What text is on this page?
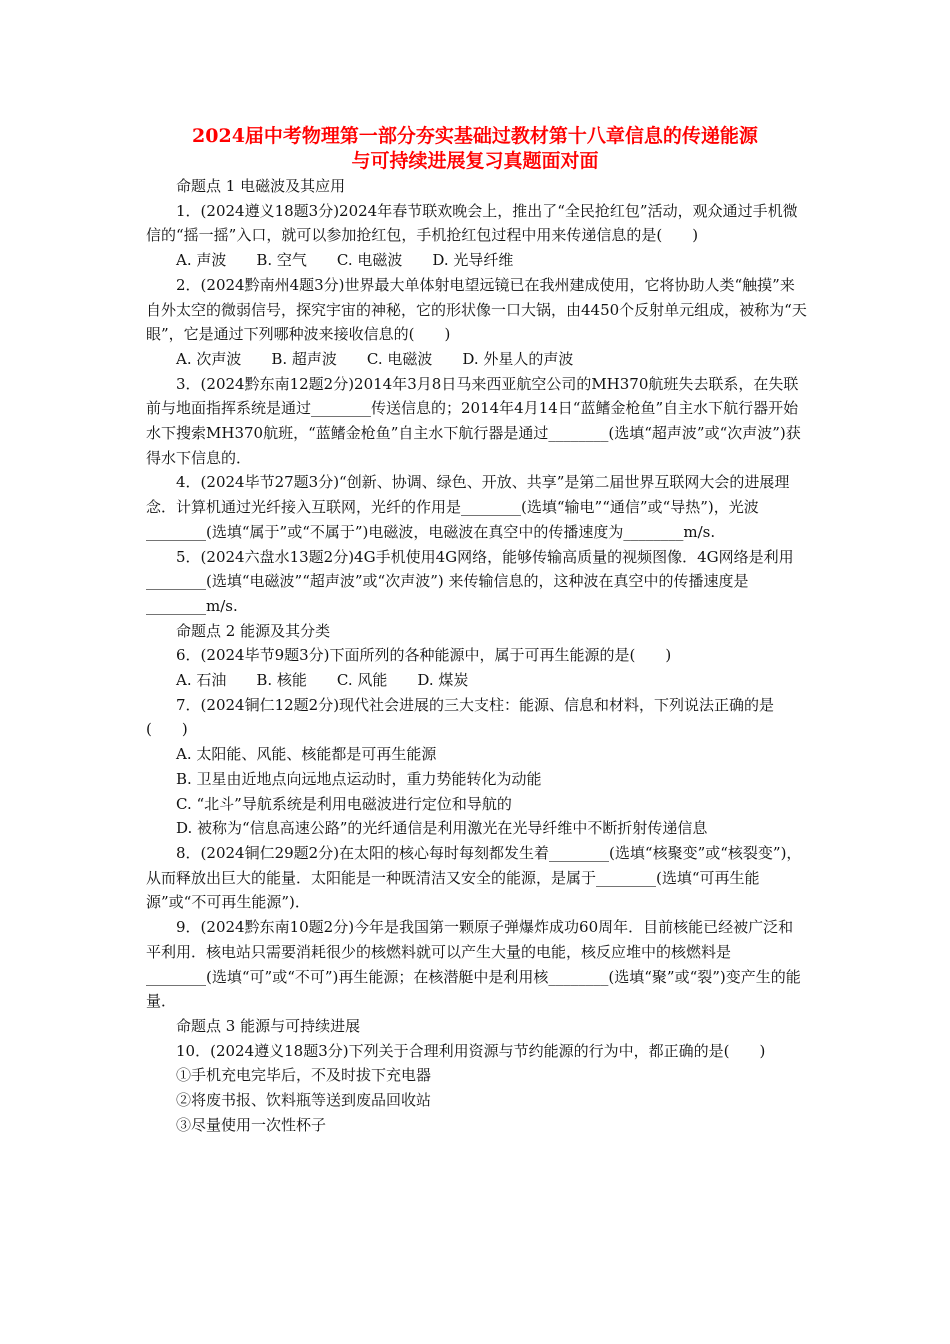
2024届中考物理第一部分夯实基础过教材第十八章信息的传递能源
与可持续进展复习真题面对面

命题点 1 电磁波及其应用

1．(2024遵义18题3分)2024年春节联欢晚会上，推出了“全民抢红包”活动，观众通过手机微信的“摇一摇”入口，就可以参加抢红包，手机抢红包过程中用来传递信息的是(　　)

A. 声波　　B. 空气　　C. 电磁波　　D. 光导纤维

2．(2024黔南州4题3分)世界最大单体射电望远镜已在我州建成使用，它将协助人类“触摸”来自外太空的微弱信号，探究宇宙的神秘，它的形状像一口大锅，由4450个反射单元组成，被称为“天眼”，它是通过下列哪种波来接收信息的(　　)

A. 次声波　　B. 超声波　　C. 电磁波　　D. 外星人的声波

3．(2024黔东南12题2分)2014年3月8日马来西亚航空公司的MH370航班失去联系，在失联前与地面指挥系统是通过________传送信息的；2014年4月14日“蓝鳍金枪鱼”自主水下航行器开始水下搜索MH370航班，“蓝鳍金枪鱼”自主水下航行器是通过________(选填“超声波”或“次声波”)获得水下信息的．

4．(2024毕节27题3分)“创新、协调、绿色、开放、共享”是第二届世界互联网大会的进展理念．计算机通过光纤接入互联网，光纤的作用是________(选填“输电”“通信”或“导热”)，光波________(选填“属于”或“不属于”)电磁波，电磁波在真空中的传播速度为________m/s.

5．(2024六盘水13题2分)4G手机使用4G网络，能够传输高质量的视频图像．4G网络是利用________(选填“电磁波”“超声波”或“次声波”) 来传输信息的，这种波在真空中的传播速度是________m/s.

命题点 2 能源及其分类

6．(2024毕节9题3分)下面所列的各种能源中，属于可再生能源的是(　　)

A. 石油　　B. 核能　　C. 风能　　D. 煤炭

7．(2024铜仁12题2分)现代社会进展的三大支柱：能源、信息和材料，下列说法正确的是(　　)

A. 太阳能、风能、核能都是可再生能源

B. 卫星由近地点向远地点运动时，重力势能转化为动能

C. “北斗”导航系统是利用电磁波进行定位和导航的

D. 被称为“信息高速公路”的光纤通信是利用激光在光导纤维中不断折射传递信息

8．(2024铜仁29题2分)在太阳的核心每时每刻都发生着________(选填“核聚变”或“核裂变”)，从而释放出巨大的能量．太阳能是一种既清洁又安全的能源，是属于________(选填“可再生能源”或“不可再生能源”)．

9．(2024黔东南10题2分)今年是我国第一颗原子弹爆炸成功60周年．目前核能已经被广泛和平利用．核电站只需要消耗很少的核燃料就可以产生大量的电能，核反应堆中的核燃料是________(选填“可”或“不可”)再生能源；在核潜艇中是利用核________(选填“聚”或“裂”)变产生的能量．

命题点 3 能源与可持续进展

10．(2024遵义18题3分)下列关于合理利用资源与节约能源的行为中，都正确的是(　　)

①手机充电完毕后，不及时拔下充电器

②将废书报、饮料瓶等送到废品回收站

③尽量使用一次性杯子
